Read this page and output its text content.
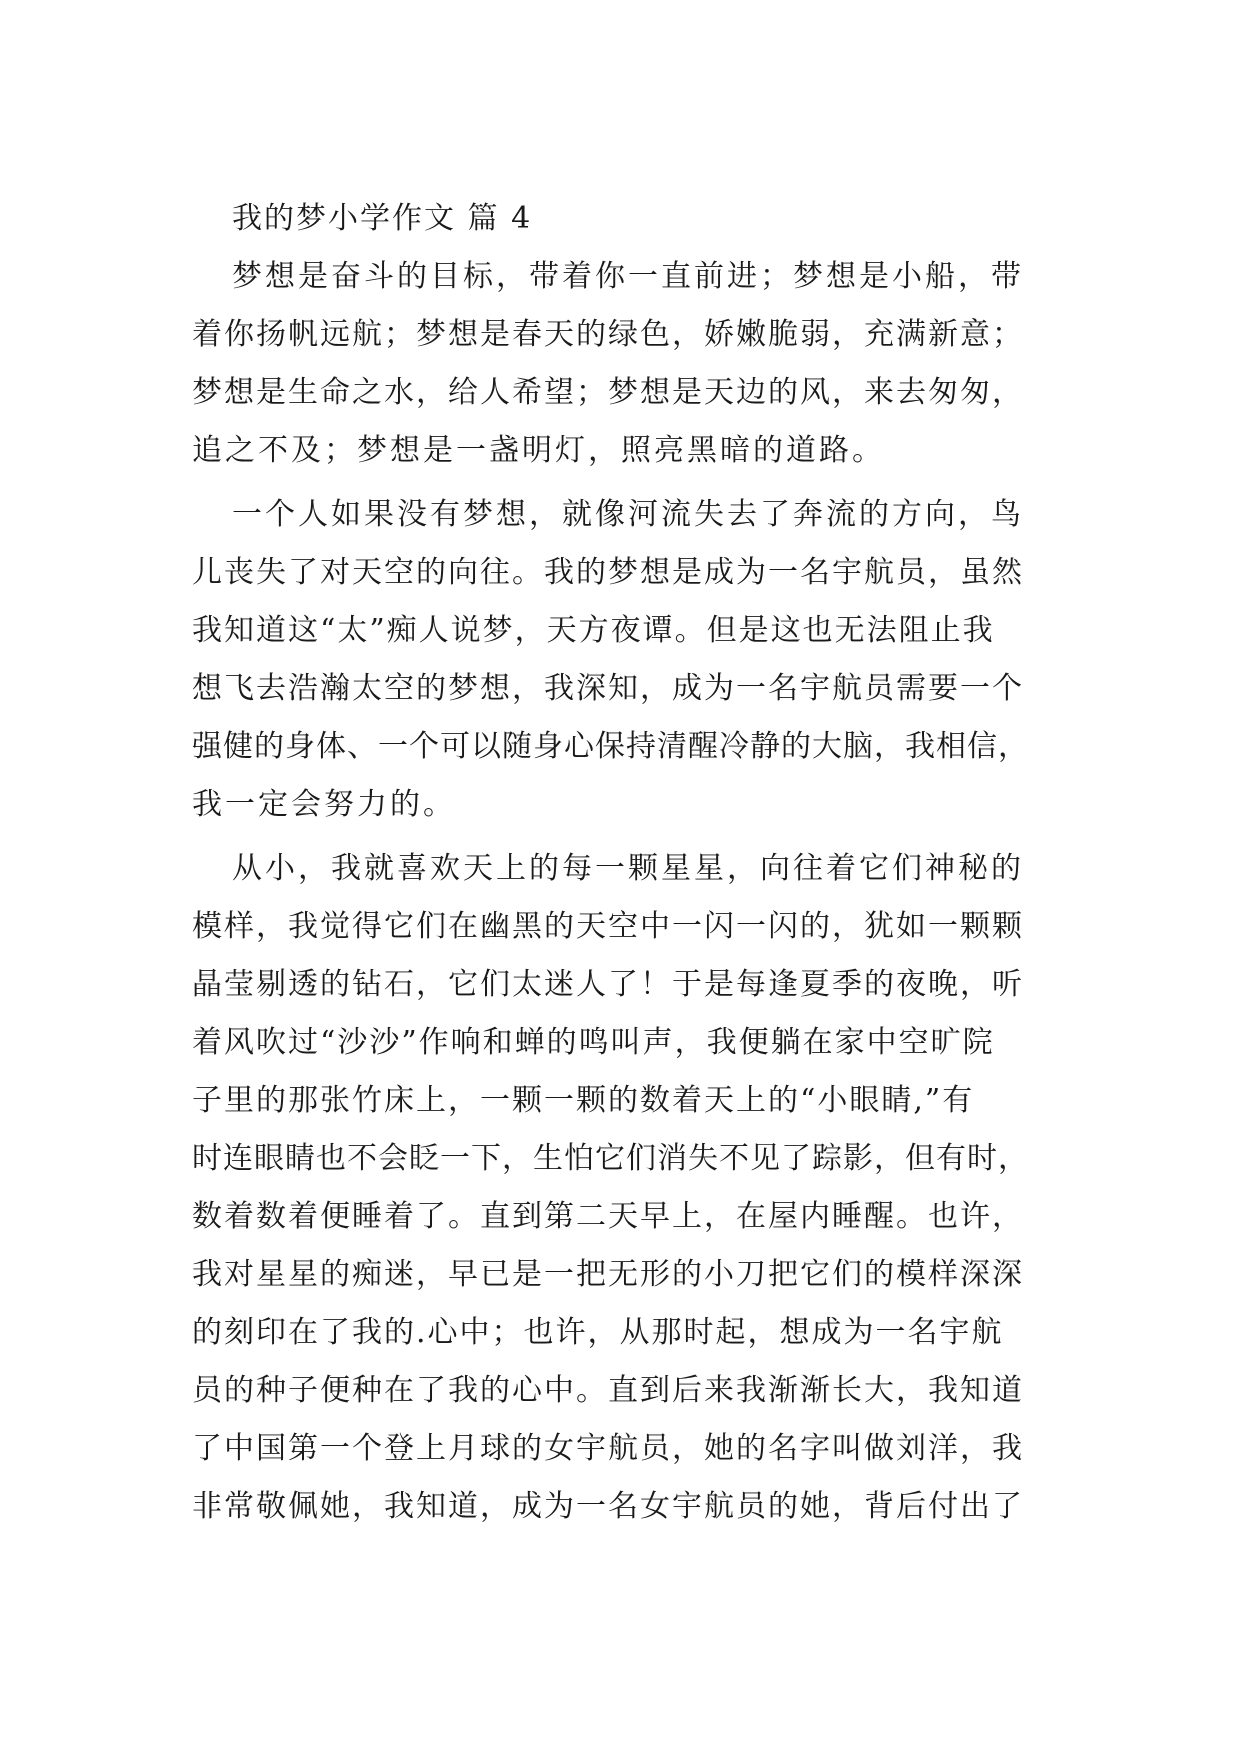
我的梦小学作文 篇 4
梦想是奋斗的目标，带着你一直前进；梦想是小船，带
着你扬帆远航；梦想是春天的绿色，娇嫩脆弱，充满新意；
梦想是生命之水，给人希望；梦想是天边的风，来去匆匆，
追之不及；梦想是一盏明灯，照亮黑暗的道路。
一个人如果没有梦想，就像河流失去了奔流的方向，鸟
儿丧失了对天空的向往。我的梦想是成为一名宇航员，虽然
我知道这“太”痴人说梦，天方夜谭。但是这也无法阻止我
想飞去浩瀚太空的梦想，我深知，成为一名宇航员需要一个
强健的身体、一个可以随身心保持清醒冷静的大脑，我相信，
我一定会努力的。
从小，我就喜欢天上的每一颗星星，向往着它们神秘的
模样，我觉得它们在幽黑的天空中一闪一闪的，犹如一颗颗
晶莹剔透的钻石，它们太迷人了！于是每逢夏季的夜晚，听
着风吹过“沙沙”作响和蝉的鸣叫声，我便躺在家中空旷院
子里的那张竹床上，一颗一颗的数着天上的“小眼睛,”有
时连眼睛也不会眨一下，生怕它们消失不见了踪影，但有时，
数着数着便睡着了。直到第二天早上，在屋内睡醒。也许，
我对星星的痴迷，早已是一把无形的小刀把它们的模样深深
的刻印在了我的.心中；也许，从那时起，想成为一名宇航
员的种子便种在了我的心中。直到后来我渐渐长大，我知道
了中国第一个登上月球的女宇航员，她的名字叫做刘洋，我
非常敬佩她，我知道，成为一名女宇航员的她，背后付出了
